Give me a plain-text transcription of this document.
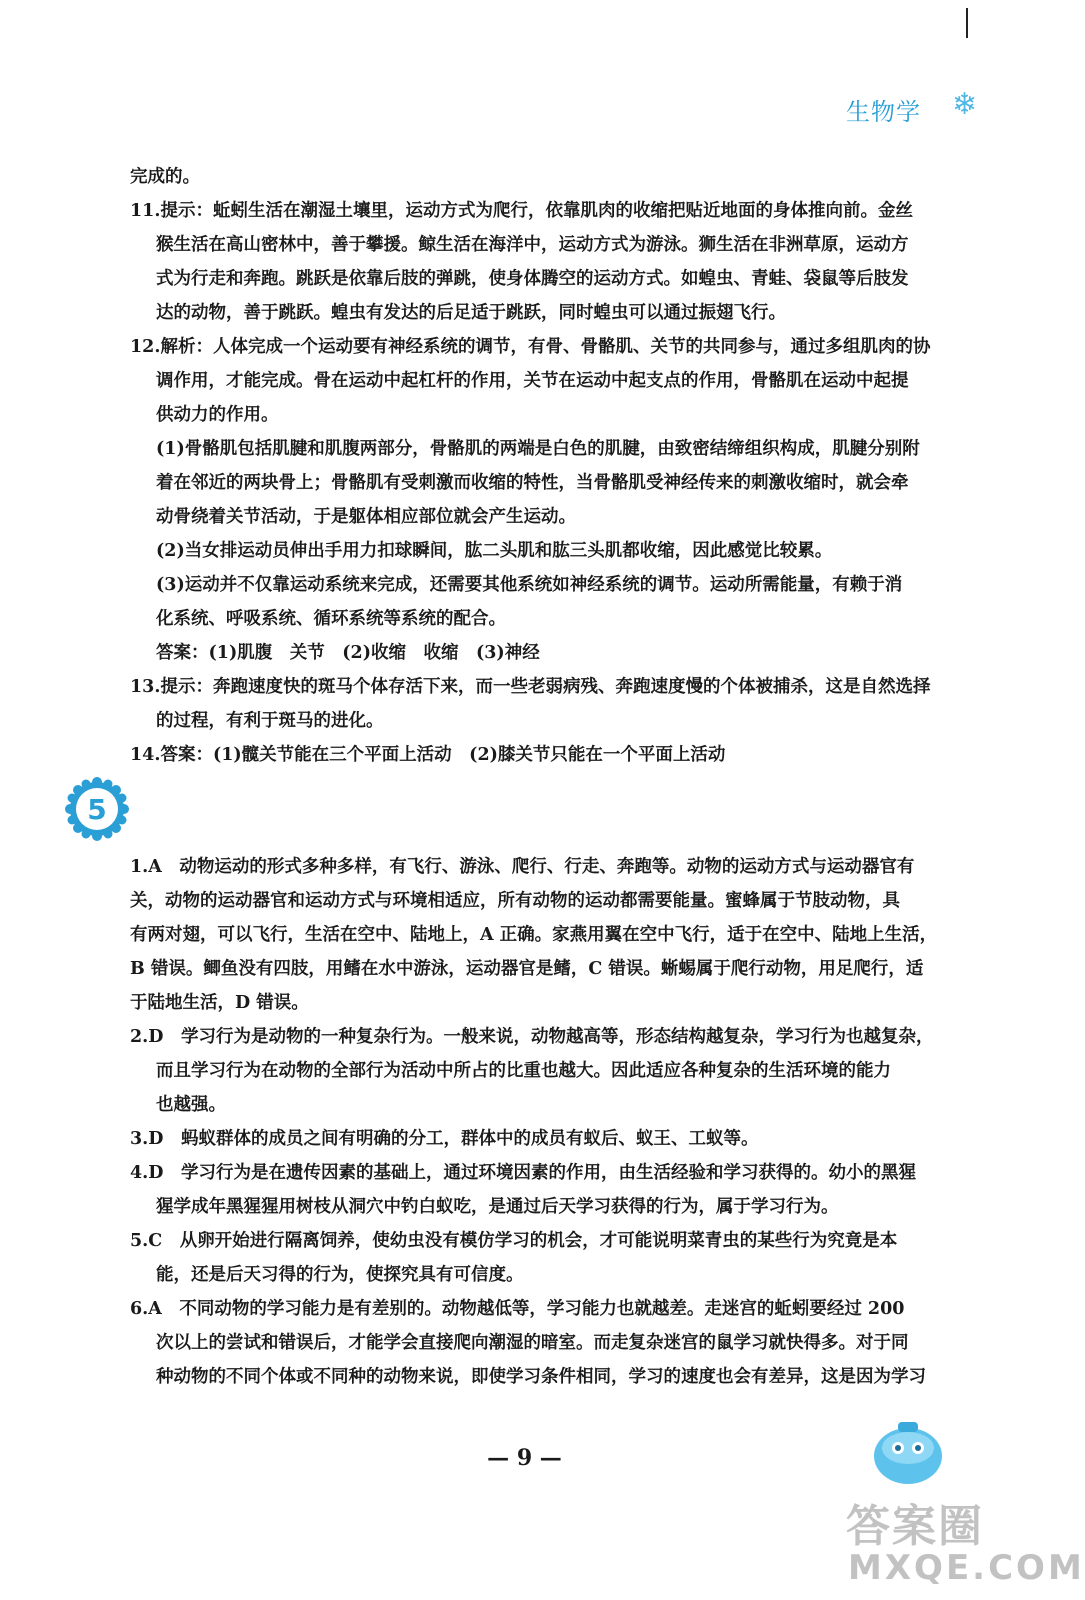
生物学 ❄
完成的。
11.提示：蚯蚓生活在潮湿土壤里，运动方式为爬行，依靠肌肉的收缩把贴近地面的身体推向前。金丝
猴生活在高山密林中，善于攀援。鲸生活在海洋中，运动方式为游泳。狮生活在非洲草原，运动方
式为行走和奔跑。跳跃是依靠后肢的弹跳，使身体腾空的运动方式。如蝗虫、青蛙、袋鼠等后肢发
达的动物，善于跳跃。蝗虫有发达的后足适于跳跃，同时蝗虫可以通过振翅飞行。
12.解析：人体完成一个运动要有神经系统的调节，有骨、骨骼肌、关节的共同参与，通过多组肌肉的协
调作用，才能完成。骨在运动中起杠杆的作用，关节在运动中起支点的作用，骨骼肌在运动中起提
供动力的作用。
(1)骨骼肌包括肌腱和肌腹两部分，骨骼肌的两端是白色的肌腱，由致密结缔组织构成，肌腱分别附
着在邻近的两块骨上；骨骼肌有受刺激而收缩的特性，当骨骼肌受神经传来的刺激收缩时，就会牵
动骨绕着关节活动，于是躯体相应部位就会产生运动。
(2)当女排运动员伸出手用力扣球瞬间，肱二头肌和肱三头肌都收缩，因此感觉比较累。
(3)运动并不仅靠运动系统来完成，还需要其他系统如神经系统的调节。运动所需能量，有赖于消
化系统、呼吸系统、循环系统等系统的配合。
答案：(1)肌腹　关节　(2)收缩　收缩　(3)神经
13.提示：奔跑速度快的斑马个体存活下来，而一些老弱病残、奔跑速度慢的个体被捕杀，这是自然选择
的过程，有利于斑马的进化。
14.答案：(1)髋关节能在三个平面上活动　(2)膝关节只能在一个平面上活动
5
1.A　动物运动的形式多种多样，有飞行、游泳、爬行、行走、奔跑等。动物的运动方式与运动器官有
关，动物的运动器官和运动方式与环境相适应，所有动物的运动都需要能量。蜜蜂属于节肢动物，具
有两对翅，可以飞行，生活在空中、陆地上，A 正确。家燕用翼在空中飞行，适于在空中、陆地上生活，
B 错误。鲫鱼没有四肢，用鳍在水中游泳，运动器官是鳍，C 错误。蜥蜴属于爬行动物，用足爬行，适
于陆地生活，D 错误。
2.D　学习行为是动物的一种复杂行为。一般来说，动物越高等，形态结构越复杂，学习行为也越复杂，
而且学习行为在动物的全部行为活动中所占的比重也越大。因此适应各种复杂的生活环境的能力
也越强。
3.D　蚂蚁群体的成员之间有明确的分工，群体中的成员有蚁后、蚁王、工蚁等。
4.D　学习行为是在遗传因素的基础上，通过环境因素的作用，由生活经验和学习获得的。幼小的黑猩
猩学成年黑猩猩用树枝从洞穴中钓白蚁吃，是通过后天学习获得的行为，属于学习行为。
5.C　从卵开始进行隔离饲养，使幼虫没有模仿学习的机会，才可能说明菜青虫的某些行为究竟是本
能，还是后天习得的行为，使探究具有可信度。
6.A　不同动物的学习能力是有差别的。动物越低等，学习能力也就越差。走迷宫的蚯蚓要经过 200
次以上的尝试和错误后，才能学会直接爬向潮湿的暗室。而走复杂迷宫的鼠学习就快得多。对于同
种动物的不同个体或不同种的动物来说，即使学习条件相同，学习的速度也会有差异，这是因为学习
— 9 —
答案圈
MXQE.COM
